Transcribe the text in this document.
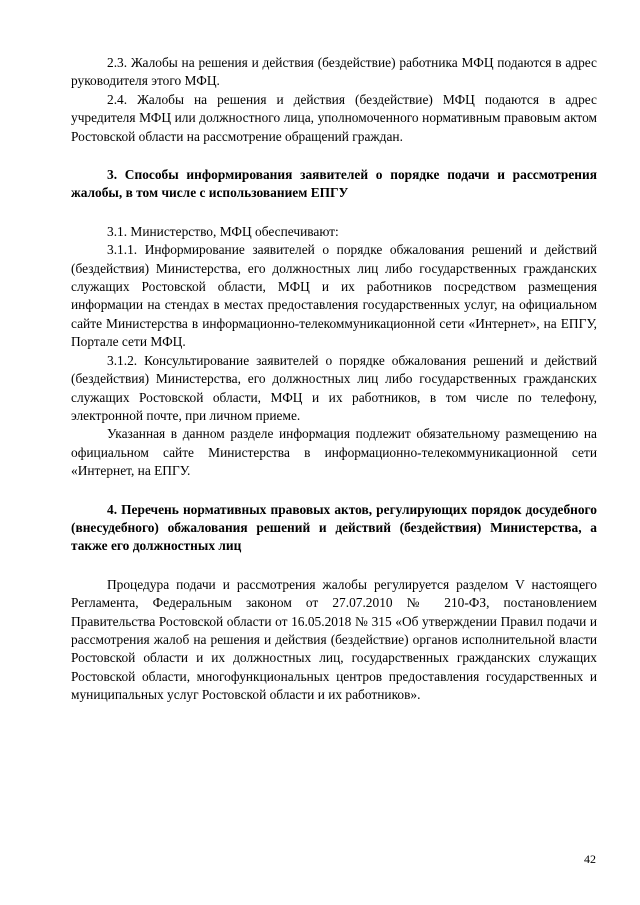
2.3. Жалобы на решения и действия (бездействие) работника МФЦ подаются в адрес руководителя этого МФЦ.

2.4. Жалобы на решения и действия (бездействие) МФЦ подаются в адрес учредителя МФЦ или должностного лица, уполномоченного нормативным правовым актом Ростовской области на рассмотрение обращений граждан.

3. Способы информирования заявителей о порядке подачи и рассмотрения жалобы, в том числе с использованием ЕПГУ

3.1. Министерство, МФЦ обеспечивают:

3.1.1. Информирование заявителей о порядке обжалования решений и действий (бездействия) Министерства, его должностных лиц либо государственных гражданских служащих Ростовской области, МФЦ и их работников посредством размещения информации на стендах в местах предоставления государственных услуг, на официальном сайте Министерства в информационно-телекоммуникационной сети «Интернет», на ЕПГУ, Портале сети МФЦ.

3.1.2. Консультирование заявителей о порядке обжалования решений и действий (бездействия) Министерства, его должностных лиц либо государственных гражданских служащих Ростовской области, МФЦ и их работников, в том числе по телефону, электронной почте, при личном приеме.

Указанная в данном разделе информация подлежит обязательному размещению на официальном сайте Министерства в информационно-телекоммуникационной сети «Интернет, на ЕПГУ.

4. Перечень нормативных правовых актов, регулирующих порядок досудебного (внесудебного) обжалования решений и действий (бездействия) Министерства, а также его должностных лиц

Процедура подачи и рассмотрения жалобы регулируется разделом V настоящего Регламента, Федеральным законом от 27.07.2010 № 210-ФЗ, постановлением Правительства Ростовской области от 16.05.2018 № 315 «Об утверждении Правил подачи и рассмотрения жалоб на решения и действия (бездействие) органов исполнительной власти Ростовской области и их должностных лиц, государственных гражданских служащих Ростовской области, многофункциональных центров предоставления государственных и муниципальных услуг Ростовской области и их работников».

42
